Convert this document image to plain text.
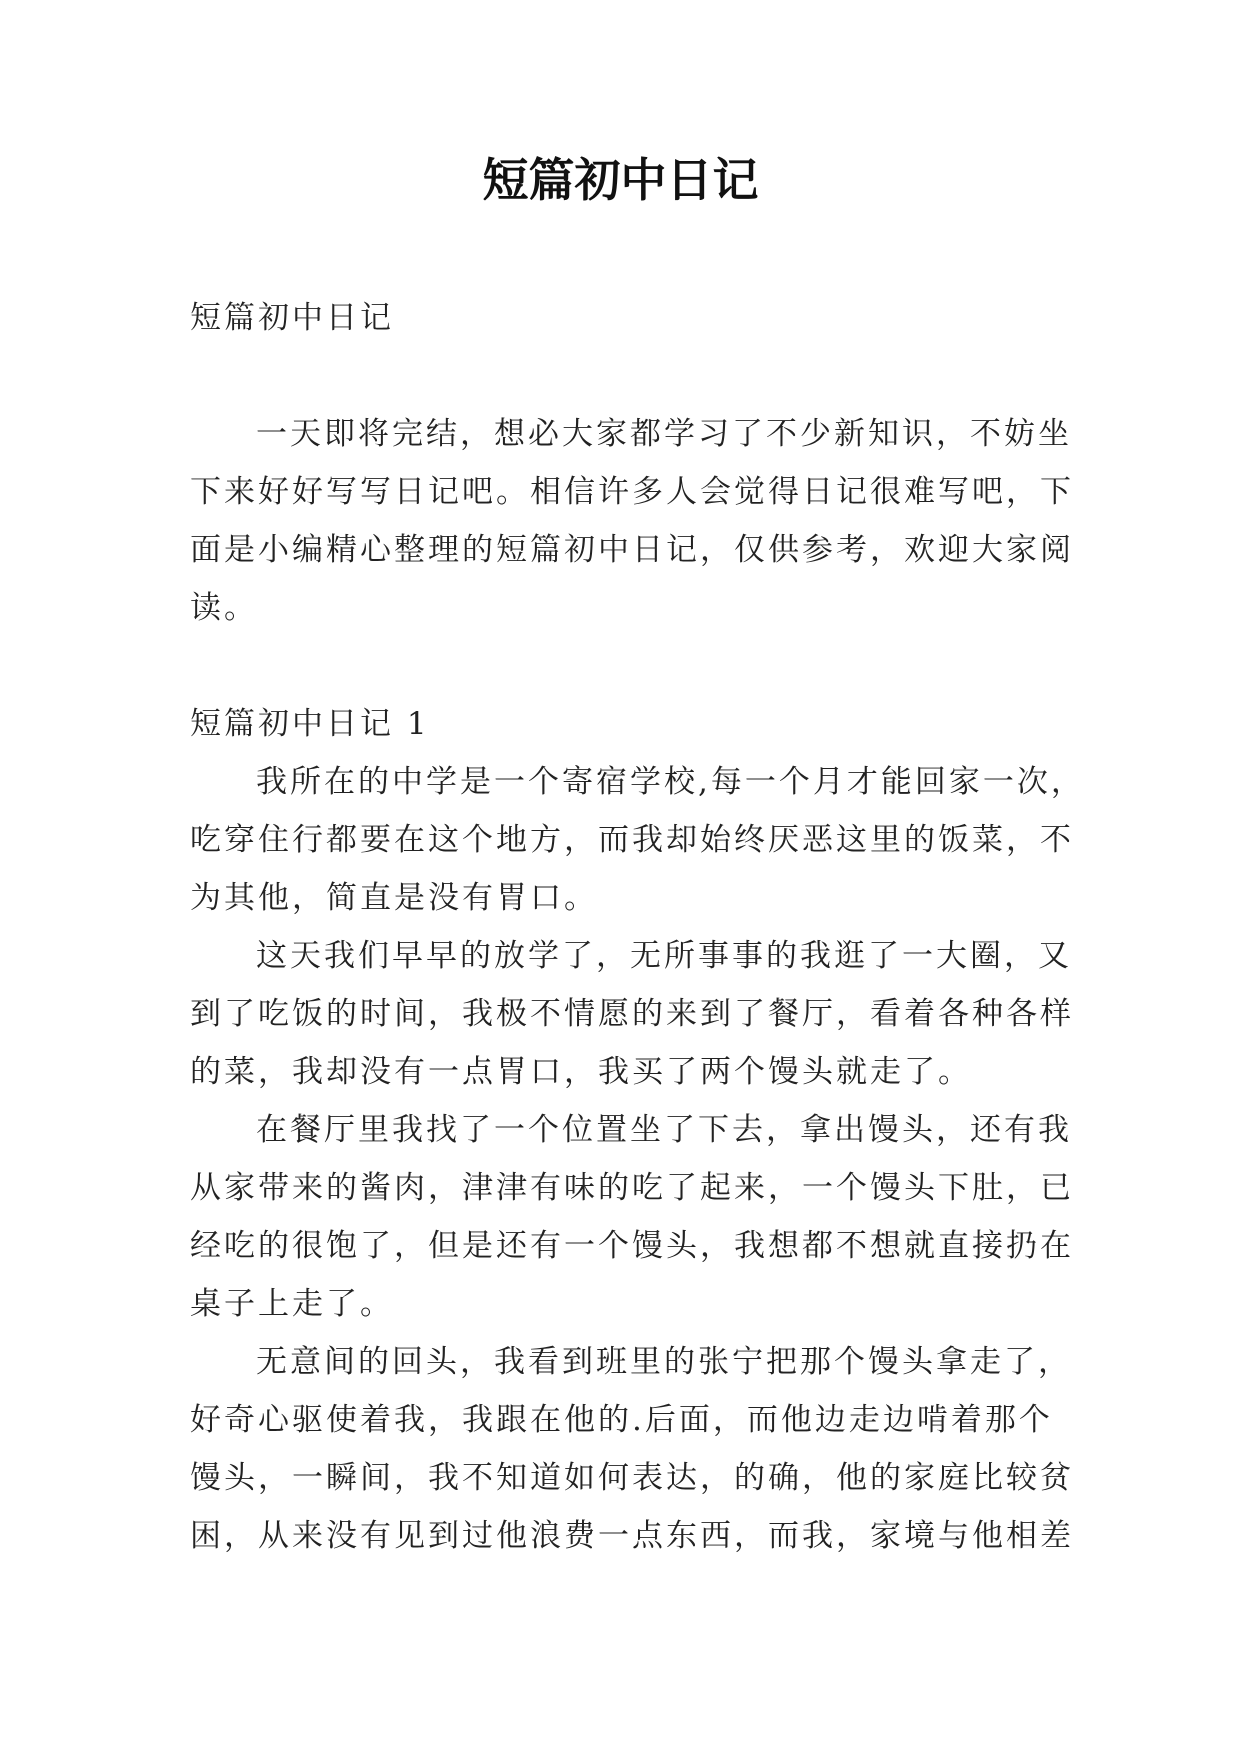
短篇初中日记
短篇初中日记
一天即将完结，想必大家都学习了不少新知识，不妨坐
下来好好写写日记吧。相信许多人会觉得日记很难写吧，下
面是小编精心整理的短篇初中日记，仅供参考，欢迎大家阅
读。
短篇初中日记 1
我所在的中学是一个寄宿学校,每一个月才能回家一次，
吃穿住行都要在这个地方，而我却始终厌恶这里的饭菜，不
为其他，简直是没有胃口。
这天我们早早的放学了，无所事事的我逛了一大圈，又
到了吃饭的时间，我极不情愿的来到了餐厅，看着各种各样
的菜，我却没有一点胃口，我买了两个馒头就走了。
在餐厅里我找了一个位置坐了下去，拿出馒头，还有我
从家带来的酱肉，津津有味的吃了起来，一个馒头下肚，已
经吃的很饱了，但是还有一个馒头，我想都不想就直接扔在
桌子上走了。
无意间的回头，我看到班里的张宁把那个馒头拿走了，
好奇心驱使着我，我跟在他的.后面，而他边走边啃着那个
馒头，一瞬间，我不知道如何表达，的确，他的家庭比较贫
困，从来没有见到过他浪费一点东西，而我，家境与他相差
